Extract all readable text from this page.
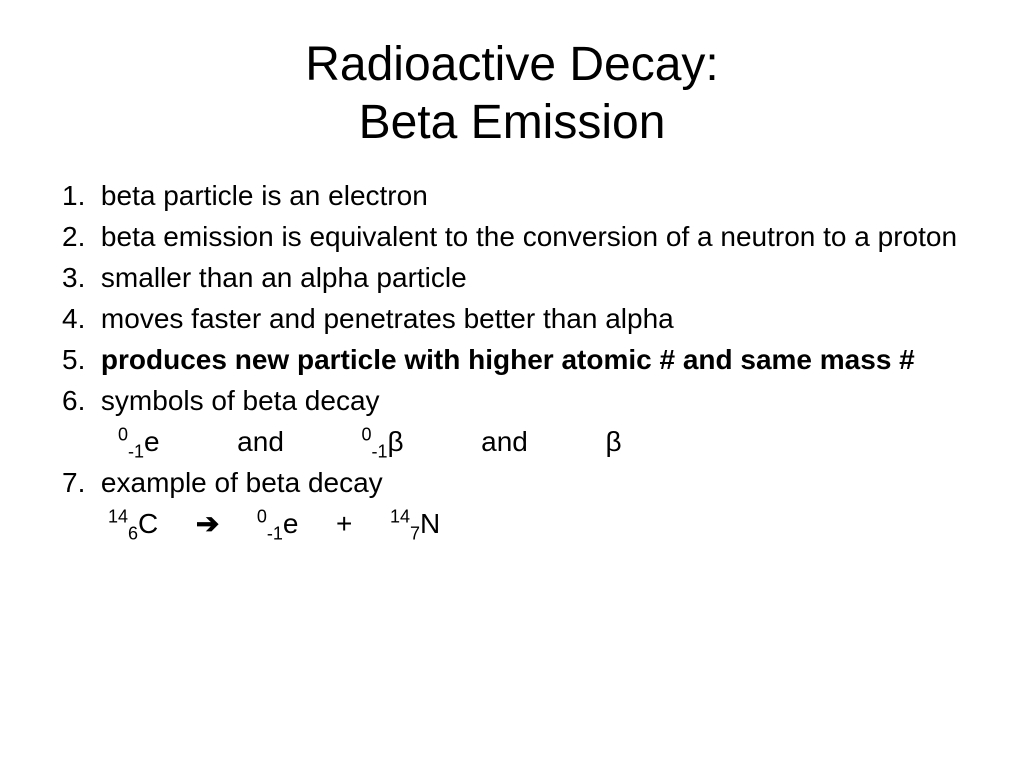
Radioactive Decay:
Beta Emission
1. beta particle is an electron
2. beta emission is equivalent to the conversion of a neutron to a proton
3. smaller than an alpha particle
4. moves faster and penetrates better than alpha
5. produces new particle with higher atomic # and same mass #
6. symbols of beta decay
$^0_{-1}$e	and	$^0_{-1}$β	and	β
7. example of beta decay
$^{14}_6$C ➔ $^0_{-1}$e + $^{14}_7$N
